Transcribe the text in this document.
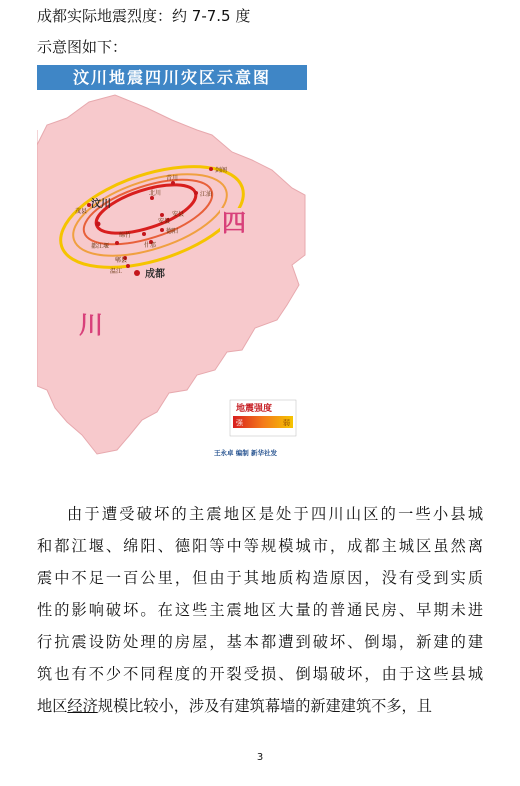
成都实际地震烈度：约 7-7.5 度
示意图如下：
汶川地震四川灾区示意图
剑阁
青川
北川	江油
安县
安县
德阳
茂县
绵竹
什邡
都江堰
郫县
温江
汶川
成都
四
川
地震强度
强	弱
王永卓 编制 新华社发
由于遭受破坏的主震地区是处于四川山区的一些小县城
和都江堰、绵阳、德阳等中等规模城市，成都主城区虽然离
震中不足一百公里，但由于其地质构造原因，没有受到实质
性的影响破坏。在这些主震地区大量的普通民房、早期未进
行抗震设防处理的房屋，基本都遭到破坏、倒塌，新建的建
筑也有不少不同程度的开裂受损、倒塌破坏，由于这些县城
地区经济规模比较小，涉及有建筑幕墙的新建建筑不多，且
3
